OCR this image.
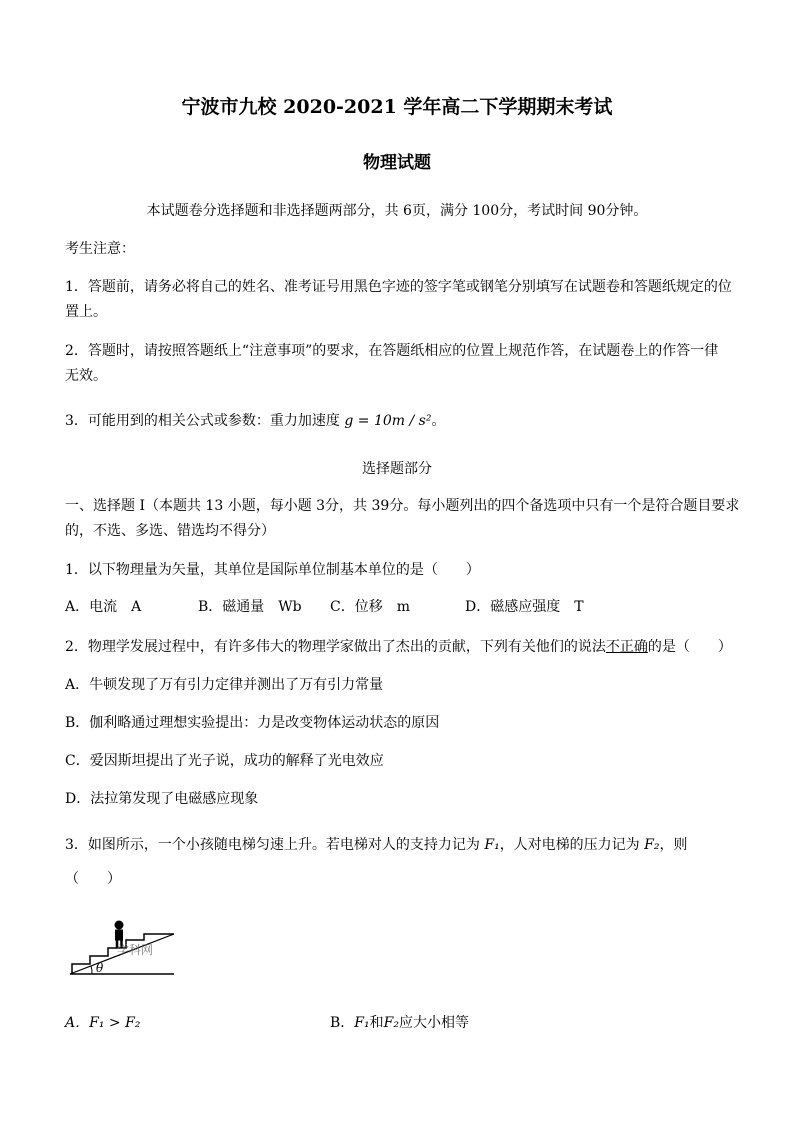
宁波市九校 2020-2021 学年高二下学期期末考试
物理试题
本试题卷分选择题和非选择题两部分，共 6页，满分 100分，考试时间 90分钟。
考生注意：
1．答题前，请务必将自己的姓名、准考证号用黑色字迹的签字笔或钢笔分别填写在试题卷和答题纸规定的位
置上。
2．答题时，请按照答题纸上“注意事项”的要求，在答题纸相应的位置上规范作答，在试题卷上的作答一律
无效。
3．可能用到的相关公式或参数：重力加速度 g = 10m / s²。
选择题部分
一、选择题 I（本题共 13 小题，每小题 3分，共 39分。每小题列出的四个备选项中只有一个是符合题目要求
的，不选、多选、错选均不得分）
1．以下物理量为矢量，其单位是国际单位制基本单位的是（　　）
A．电流　A	B．磁通量　Wb C．位移　m	D．磁感应强度　T
2．物理学发展过程中，有许多伟大的物理学家做出了杰出的贡献，下列有关他们的说法不正确的是（　　）
A．牛顿发现了万有引力定律并测出了万有引力常量
B．伽利略通过理想实验提出：力是改变物体运动状态的原因
C．爱因斯坦提出了光子说，成功的解释了光电效应
D．法拉第发现了电磁感应现象
3．如图所示，一个小孩随电梯匀速上升。若电梯对人的支持力记为 F₁，人对电梯的压力记为 F₂，则
（　　）
θ
学科网
A．F₁ > F₂	B．F₁和F₂应大小相等
